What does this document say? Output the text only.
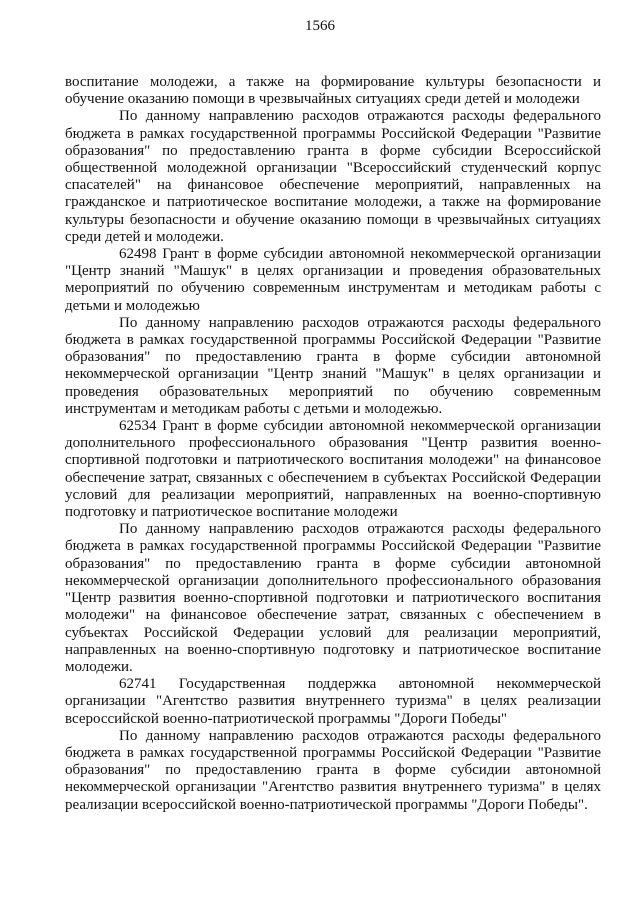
1566

воспитание молодежи, а также на формирование культуры безопасности и обучение оказанию помощи в чрезвычайных ситуациях среди детей и молодежи

По данному направлению расходов отражаются расходы федерального бюджета в рамках государственной программы Российской Федерации "Развитие образования" по предоставлению гранта в форме субсидии Всероссийской общественной молодежной организации "Всероссийский студенческий корпус спасателей" на финансовое обеспечение мероприятий, направленных на гражданское и патриотическое воспитание молодежи, а также на формирование культуры безопасности и обучение оказанию помощи в чрезвычайных ситуациях среди детей и молодежи.

62498 Грант в форме субсидии автономной некоммерческой организации "Центр знаний "Машук" в целях организации и проведения образовательных мероприятий по обучению современным инструментам и методикам работы с детьми и молодежью

По данному направлению расходов отражаются расходы федерального бюджета в рамках государственной программы Российской Федерации "Развитие образования" по предоставлению гранта в форме субсидии автономной некоммерческой организации "Центр знаний "Машук" в целях организации и проведения образовательных мероприятий по обучению современным инструментам и методикам работы с детьми и молодежью.

62534 Грант в форме субсидии автономной некоммерческой организации дополнительного профессионального образования "Центр развития военно-спортивной подготовки и патриотического воспитания молодежи" на финансовое обеспечение затрат, связанных с обеспечением в субъектах Российской Федерации условий для реализации мероприятий, направленных на военно-спортивную подготовку и патриотическое воспитание молодежи

По данному направлению расходов отражаются расходы федерального бюджета в рамках государственной программы Российской Федерации "Развитие образования" по предоставлению гранта в форме субсидии автономной некоммерческой организации дополнительного профессионального образования "Центр развития военно-спортивной подготовки и патриотического воспитания молодежи" на финансовое обеспечение затрат, связанных с обеспечением в субъектах Российской Федерации условий для реализации мероприятий, направленных на военно-спортивную подготовку и патриотическое воспитание молодежи.

62741 Государственная поддержка автономной некоммерческой организации "Агентство развития внутреннего туризма" в целях реализации всероссийской военно-патриотической программы "Дороги Победы"

По данному направлению расходов отражаются расходы федерального бюджета в рамках государственной программы Российской Федерации "Развитие образования" по предоставлению гранта в форме субсидии автономной некоммерческой организации "Агентство развития внутреннего туризма" в целях реализации всероссийской военно-патриотической программы "Дороги Победы".
